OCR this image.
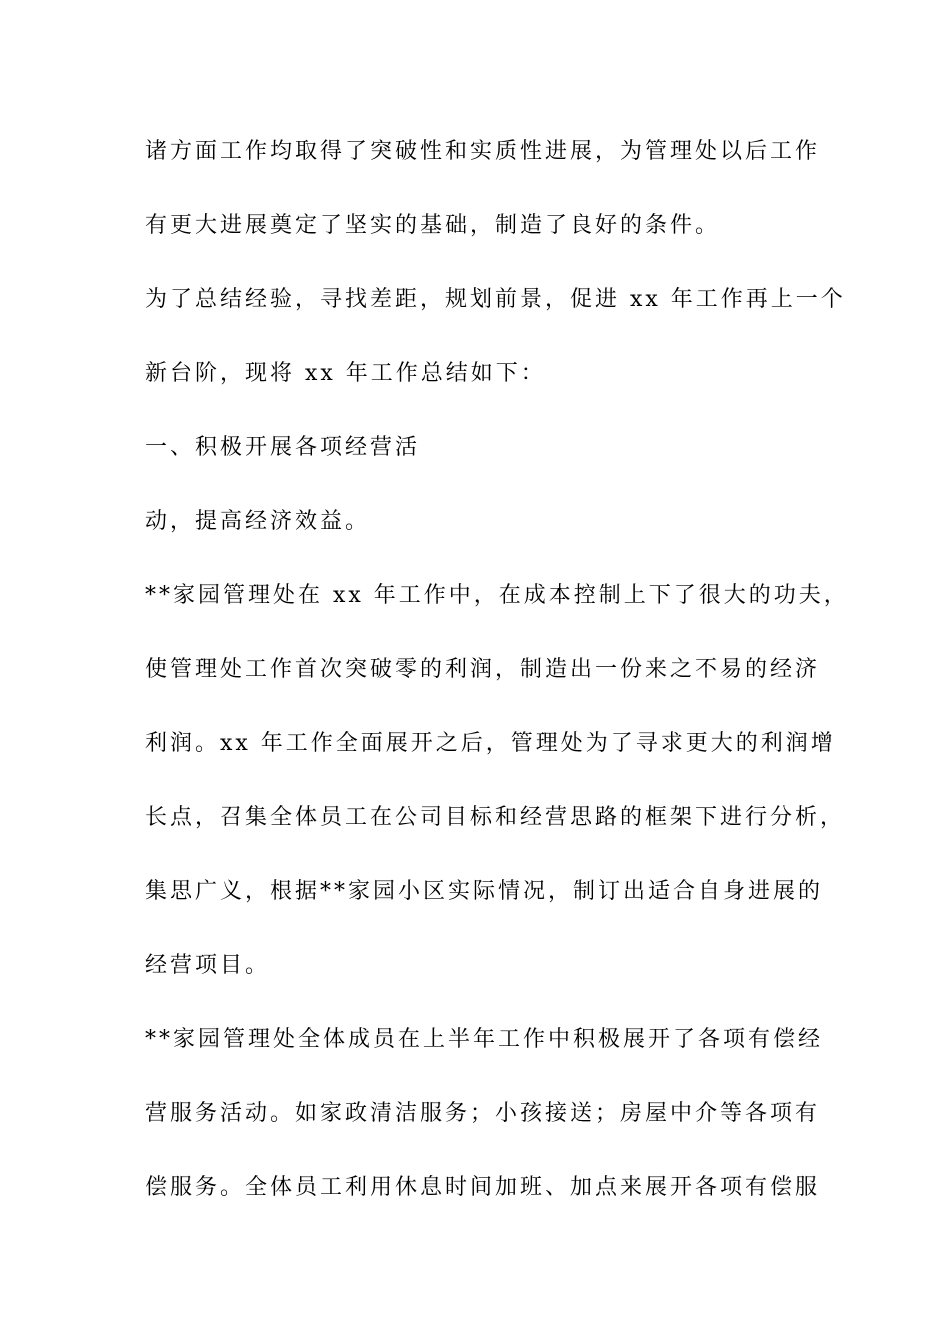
诸方面工作均取得了突破性和实质性进展，为管理处以后工作
有更大进展奠定了坚实的基础，制造了良好的条件。
为了总结经验，寻找差距，规划前景，促进 xx 年工作再上一个
新台阶，现将 xx 年工作总结如下：
一、积极开展各项经营活
动，提高经济效益。
**家园管理处在 xx 年工作中，在成本控制上下了很大的功夫，
使管理处工作首次突破零的利润，制造出一份来之不易的经济
利润。xx 年工作全面展开之后，管理处为了寻求更大的利润增
长点，召集全体员工在公司目标和经营思路的框架下进行分析，
集思广义，根据**家园小区实际情况，制订出适合自身进展的
经营项目。
**家园管理处全体成员在上半年工作中积极展开了各项有偿经
营服务活动。如家政清洁服务；小孩接送；房屋中介等各项有
偿服务。全体员工利用休息时间加班、加点来展开各项有偿服
